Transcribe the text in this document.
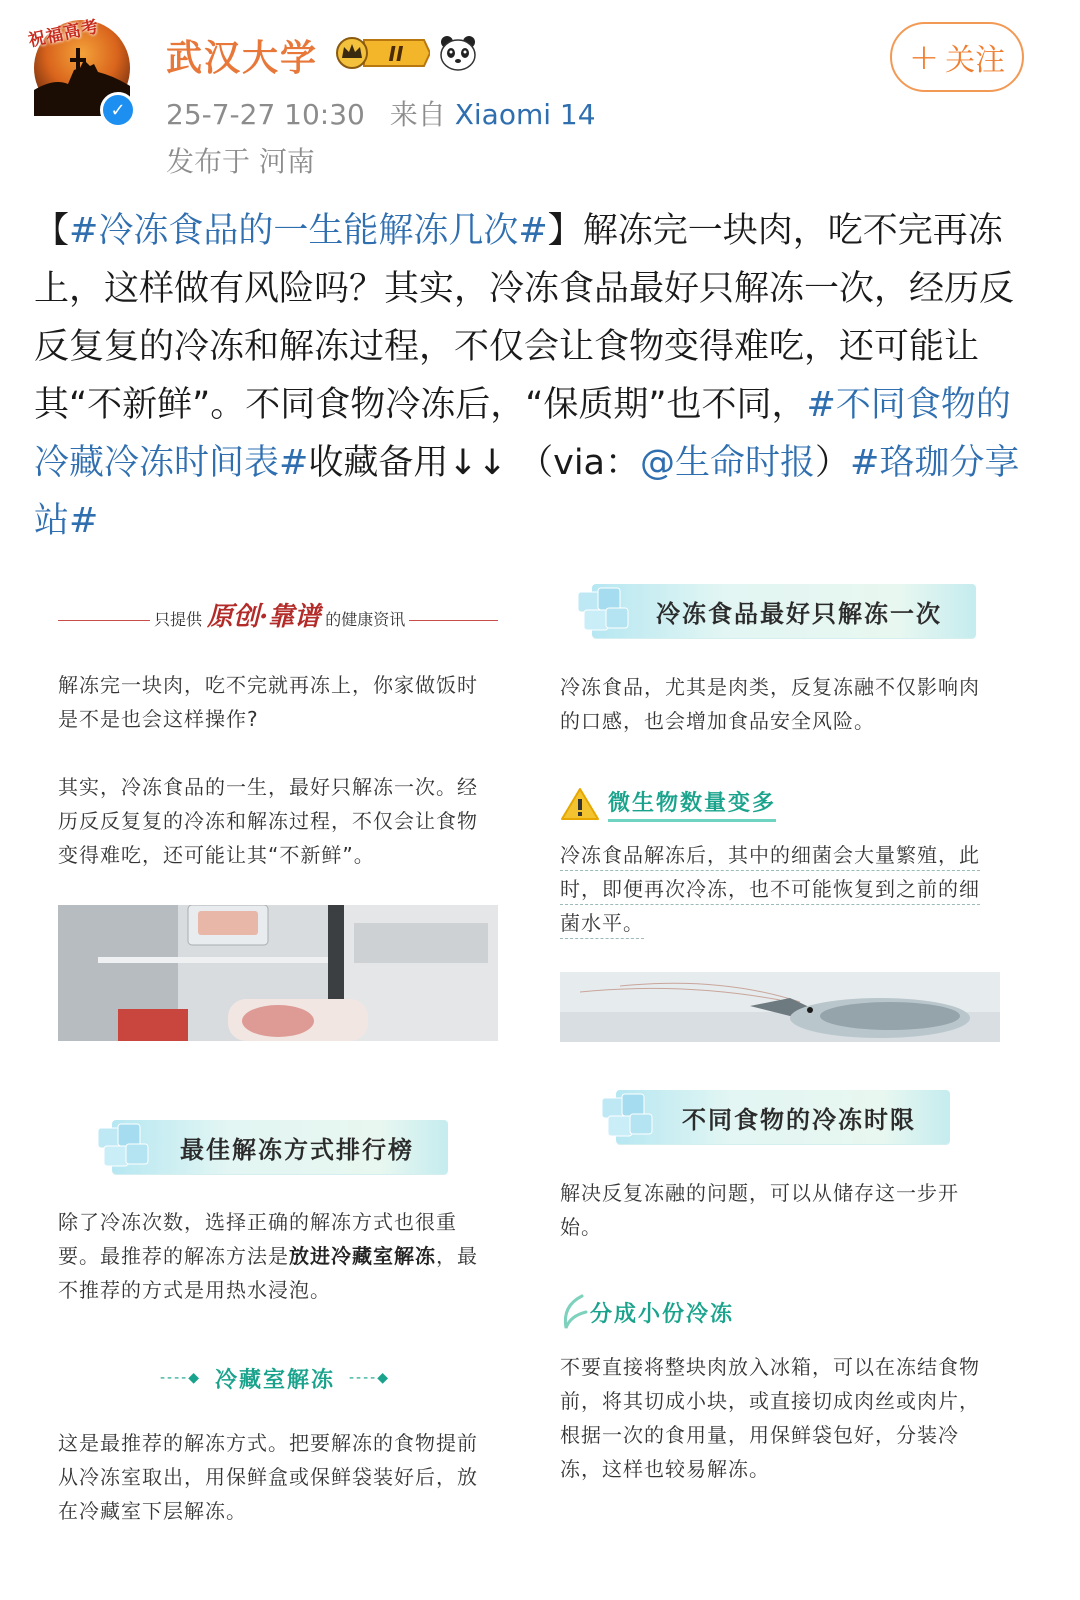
祝福高考
✓
武汉大学	II
25-7-27 10:30 来自 Xiaomi 14
发布于 河南
+ 关注
【#冷冻食品的一生能解冻几次#】解冻完一块肉，吃不完再冻上，这样做有风险吗？其实，冷冻食品最好只解冻一次，经历反反复复的冷冻和解冻过程，不仅会让食物变得难吃，还可能让其“不新鲜”。不同食物冷冻后，“保质期”也不同，#不同食物的冷藏冷冻时间表#收藏备用↓↓ （via：@生命时报）#珞珈分享站#
只提供 原创·靠谱 的健康资讯
解冻完一块肉，吃不完就再冻上，你家做饭时是不是也会这样操作?
其实，冷冻食品的一生，最好只解冻一次。经历反反复复的冷冻和解冻过程，不仅会让食物变得难吃，还可能让其“不新鲜”。
最佳解冻方式排行榜
除了冷冻次数，选择正确的解冻方式也很重要。最推荐的解冻方法是放进冷藏室解冻，最不推荐的方式是用热水浸泡。
----◆ 冷藏室解冻 ----◆
这是最推荐的解冻方式。把要解冻的食物提前从冷冻室取出，用保鲜盒或保鲜袋装好后，放在冷藏室下层解冻。
冷冻食品最好只解冻一次
冷冻食品，尤其是肉类，反复冻融不仅影响肉的口感，也会增加食品安全风险。
微生物数量变多
冷冻食品解冻后，其中的细菌会大量繁殖，此时，即便再次冷冻，也不可能恢复到之前的细菌水平。
不同食物的冷冻时限
解决反复冻融的问题，可以从储存这一步开始。
分成小份冷冻
不要直接将整块肉放入冰箱，可以在冻结食物前，将其切成小块，或直接切成肉丝或肉片，根据一次的食用量，用保鲜袋包好，分装冷冻，这样也较易解冻。
